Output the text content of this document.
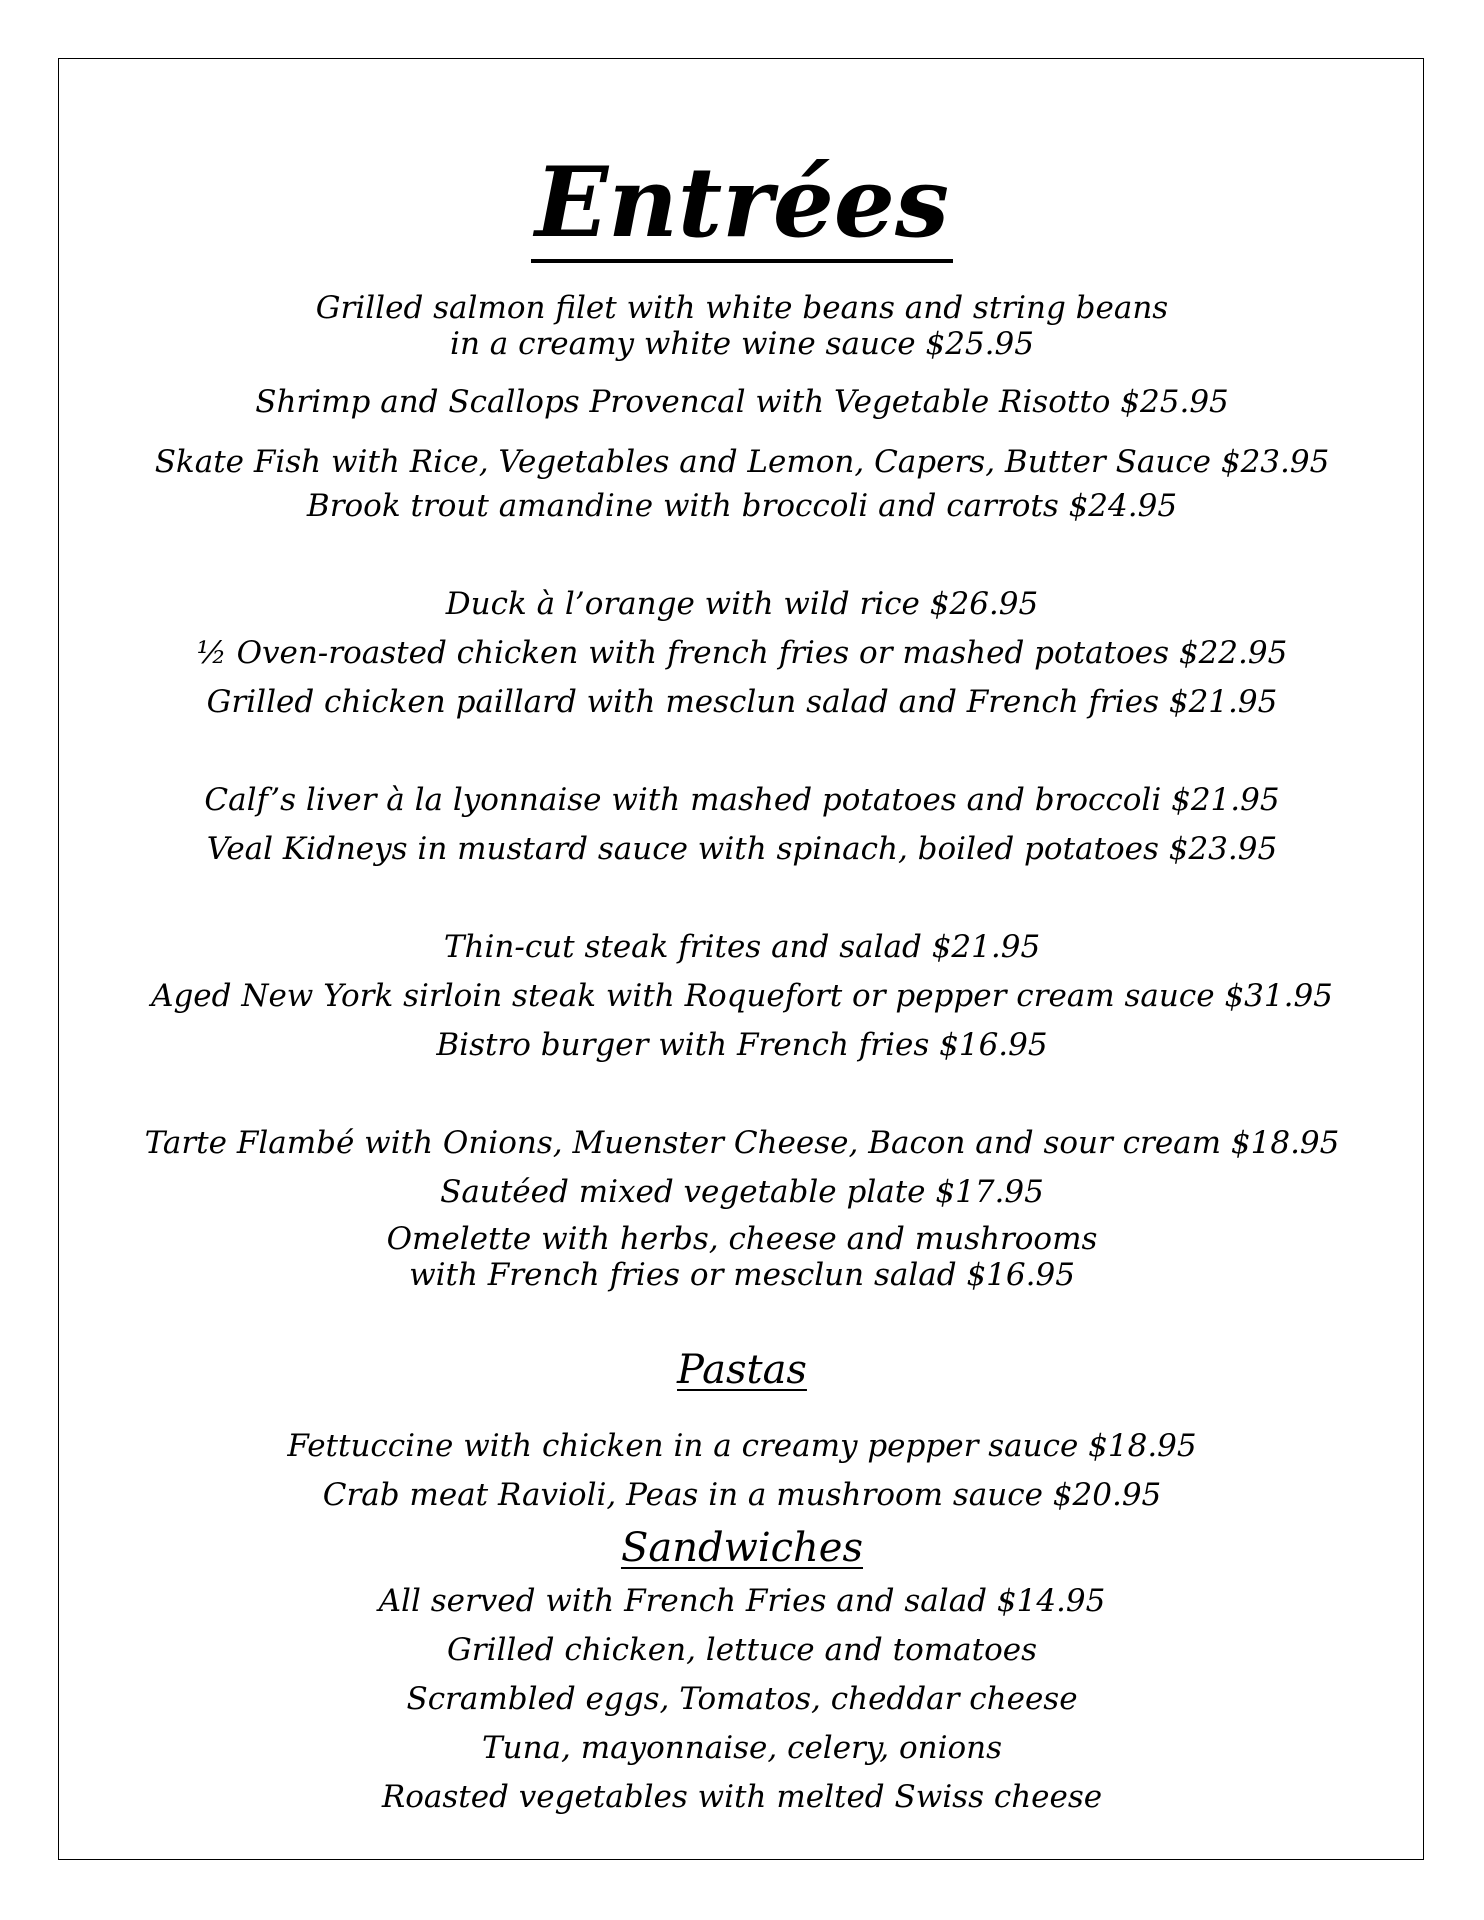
Entrées
Grilled salmon filet with white beans and string beans
in a creamy white wine sauce $25.95
Shrimp and Scallops Provencal with Vegetable Risotto $25.95
Skate Fish with Rice, Vegetables and Lemon, Capers, Butter Sauce $23.95
Brook trout amandine with broccoli and carrots $24.95
Duck à l’orange with wild rice $26.95
½ Oven-roasted chicken with french fries or mashed potatoes $22.95
Grilled chicken paillard with mesclun salad and French fries $21.95
Calf’s liver à la lyonnaise with mashed potatoes and broccoli $21.95
Veal Kidneys in mustard sauce with spinach, boiled potatoes $23.95
Thin-cut steak frites and salad $21.95
Aged New York sirloin steak with Roquefort or pepper cream sauce $31.95
Bistro burger with French fries $16.95
Tarte Flambé with Onions, Muenster Cheese, Bacon and sour cream $18.95
Sautéed mixed vegetable plate $17.95
Omelette with herbs, cheese and mushrooms
with French fries or mesclun salad $16.95
Pastas
Fettuccine with chicken in a creamy pepper sauce $18.95
Crab meat Ravioli, Peas in a mushroom sauce $20.95
Sandwiches
All served with French Fries and salad $14.95
Grilled chicken, lettuce and tomatoes
Scrambled eggs, Tomatos, cheddar cheese
Tuna, mayonnaise, celery, onions
Roasted vegetables with melted Swiss cheese
